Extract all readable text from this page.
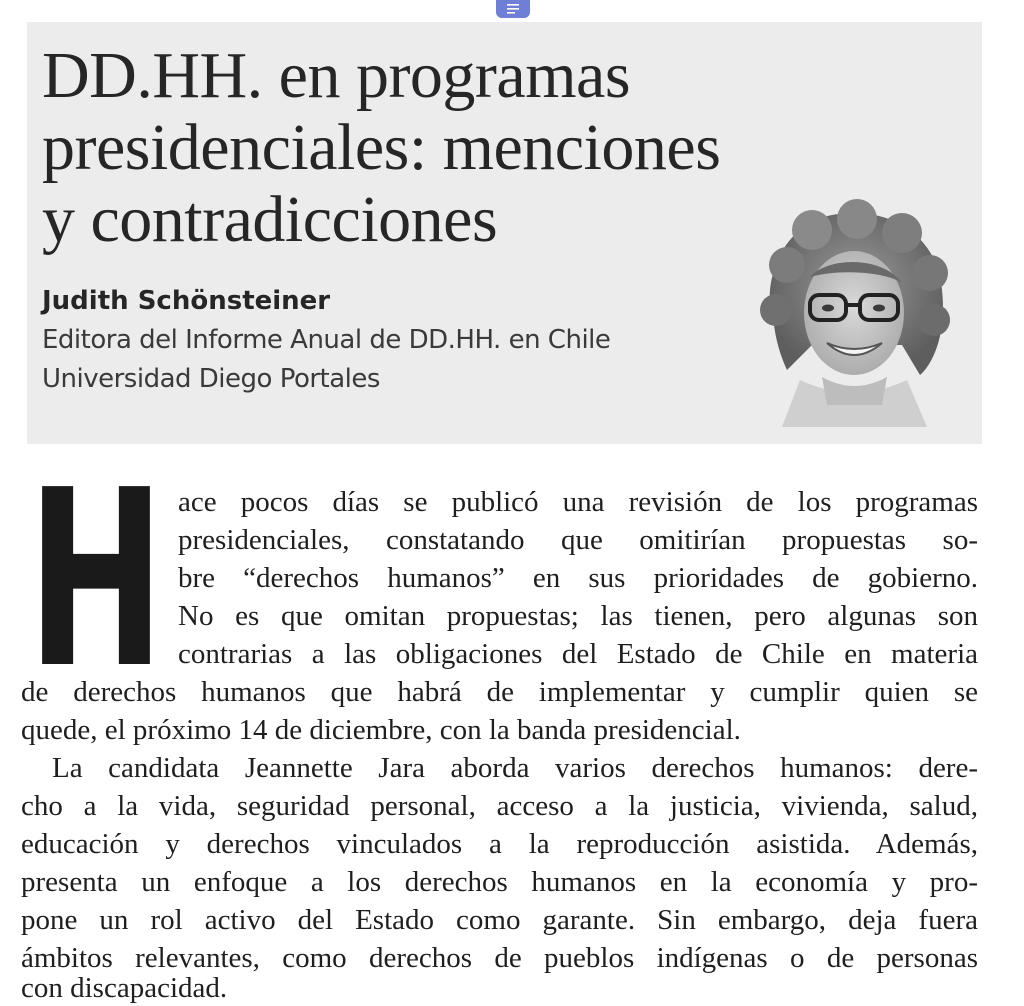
DD.HH. en programas
presidenciales: menciones
y contradicciones
Judith Schönsteiner
Editora del Informe Anual de DD.HH. en Chile
Universidad Diego Portales
H ace pocos días se publicó una revisión de los programas
presidenciales, constatando que omitirían propuestas so-
bre “derechos humanos” en sus prioridades de gobierno.
No es que omitan propuestas; las tienen, pero algunas son
contrarias a las obligaciones del Estado de Chile en materia
de derechos humanos que habrá de implementar y cumplir quien se
quede, el próximo 14 de diciembre, con la banda presidencial.
La candidata Jeannette Jara aborda varios derechos humanos: dere-
cho a la vida, seguridad personal, acceso a la justicia, vivienda, salud,
educación y derechos vinculados a la reproducción asistida. Además,
presenta un enfoque a los derechos humanos en la economía y pro-
pone un rol activo del Estado como garante. Sin embargo, deja fuera
ámbitos relevantes, como derechos de pueblos indígenas o de personas
con discapacidad.
